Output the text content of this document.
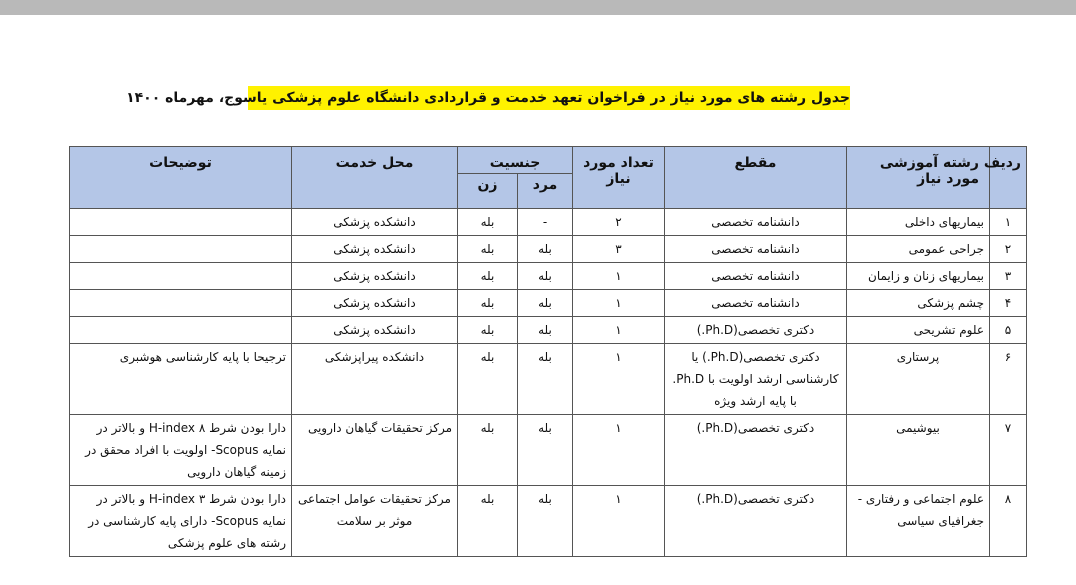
جدول رشته های مورد نیاز در فراخوان تعهد خدمت و قراردادی دانشگاه علوم پزشکی یاسوج، مهرماه ۱۴۰۰
ردیف	رشته آموزشی مورد نیاز	مقطع	تعداد مورد نیاز	جنسیت		محل خدمت	توضیحات
				مرد	زن		
۱	بیماریهای داخلی	دانشنامه تخصصی	۲	-	بله	دانشکده پزشکی	
۲	جراحی عمومی	دانشنامه تخصصی	۳	بله	بله	دانشکده پزشکی	
۳	بیماریهای زنان و زایمان	دانشنامه تخصصی	۱	بله	بله	دانشکده پزشکی	
۴	چشم پزشکی	دانشنامه تخصصی	۱	بله	بله	دانشکده پزشکی	
۵	علوم تشریحی	دکتری تخصصی(Ph.D.)	۱	بله	بله	دانشکده پزشکی	
۶	پرستاری	دکتری تخصصی(Ph.D.) یا کارشناسی ارشد اولویت با Ph.D. با پایه ارشد ویژه	۱	بله	بله	دانشکده پیراپزشکی	ترجیحا با پایه کارشناسی هوشبری
۷	بیوشیمی	دکتری تخصصی(Ph.D.)	۱	بله	بله	مرکز تحقیقات گیاهان دارویی	دارا بودن شرط H-index ۸ و بالاتر در نمایه Scopus- اولویت با افراد محقق در زمینه گیاهان دارویی
۸	علوم اجتماعی و رفتاری - جغرافیای سیاسی	دکتری تخصصی(Ph.D.)	۱	بله	بله	مرکز تحقیقات عوامل اجتماعی موثر بر سلامت	دارا بودن شرط H-index ۳ و بالاتر در نمایه Scopus- دارای پایه کارشناسی در رشته های علوم پزشکی
